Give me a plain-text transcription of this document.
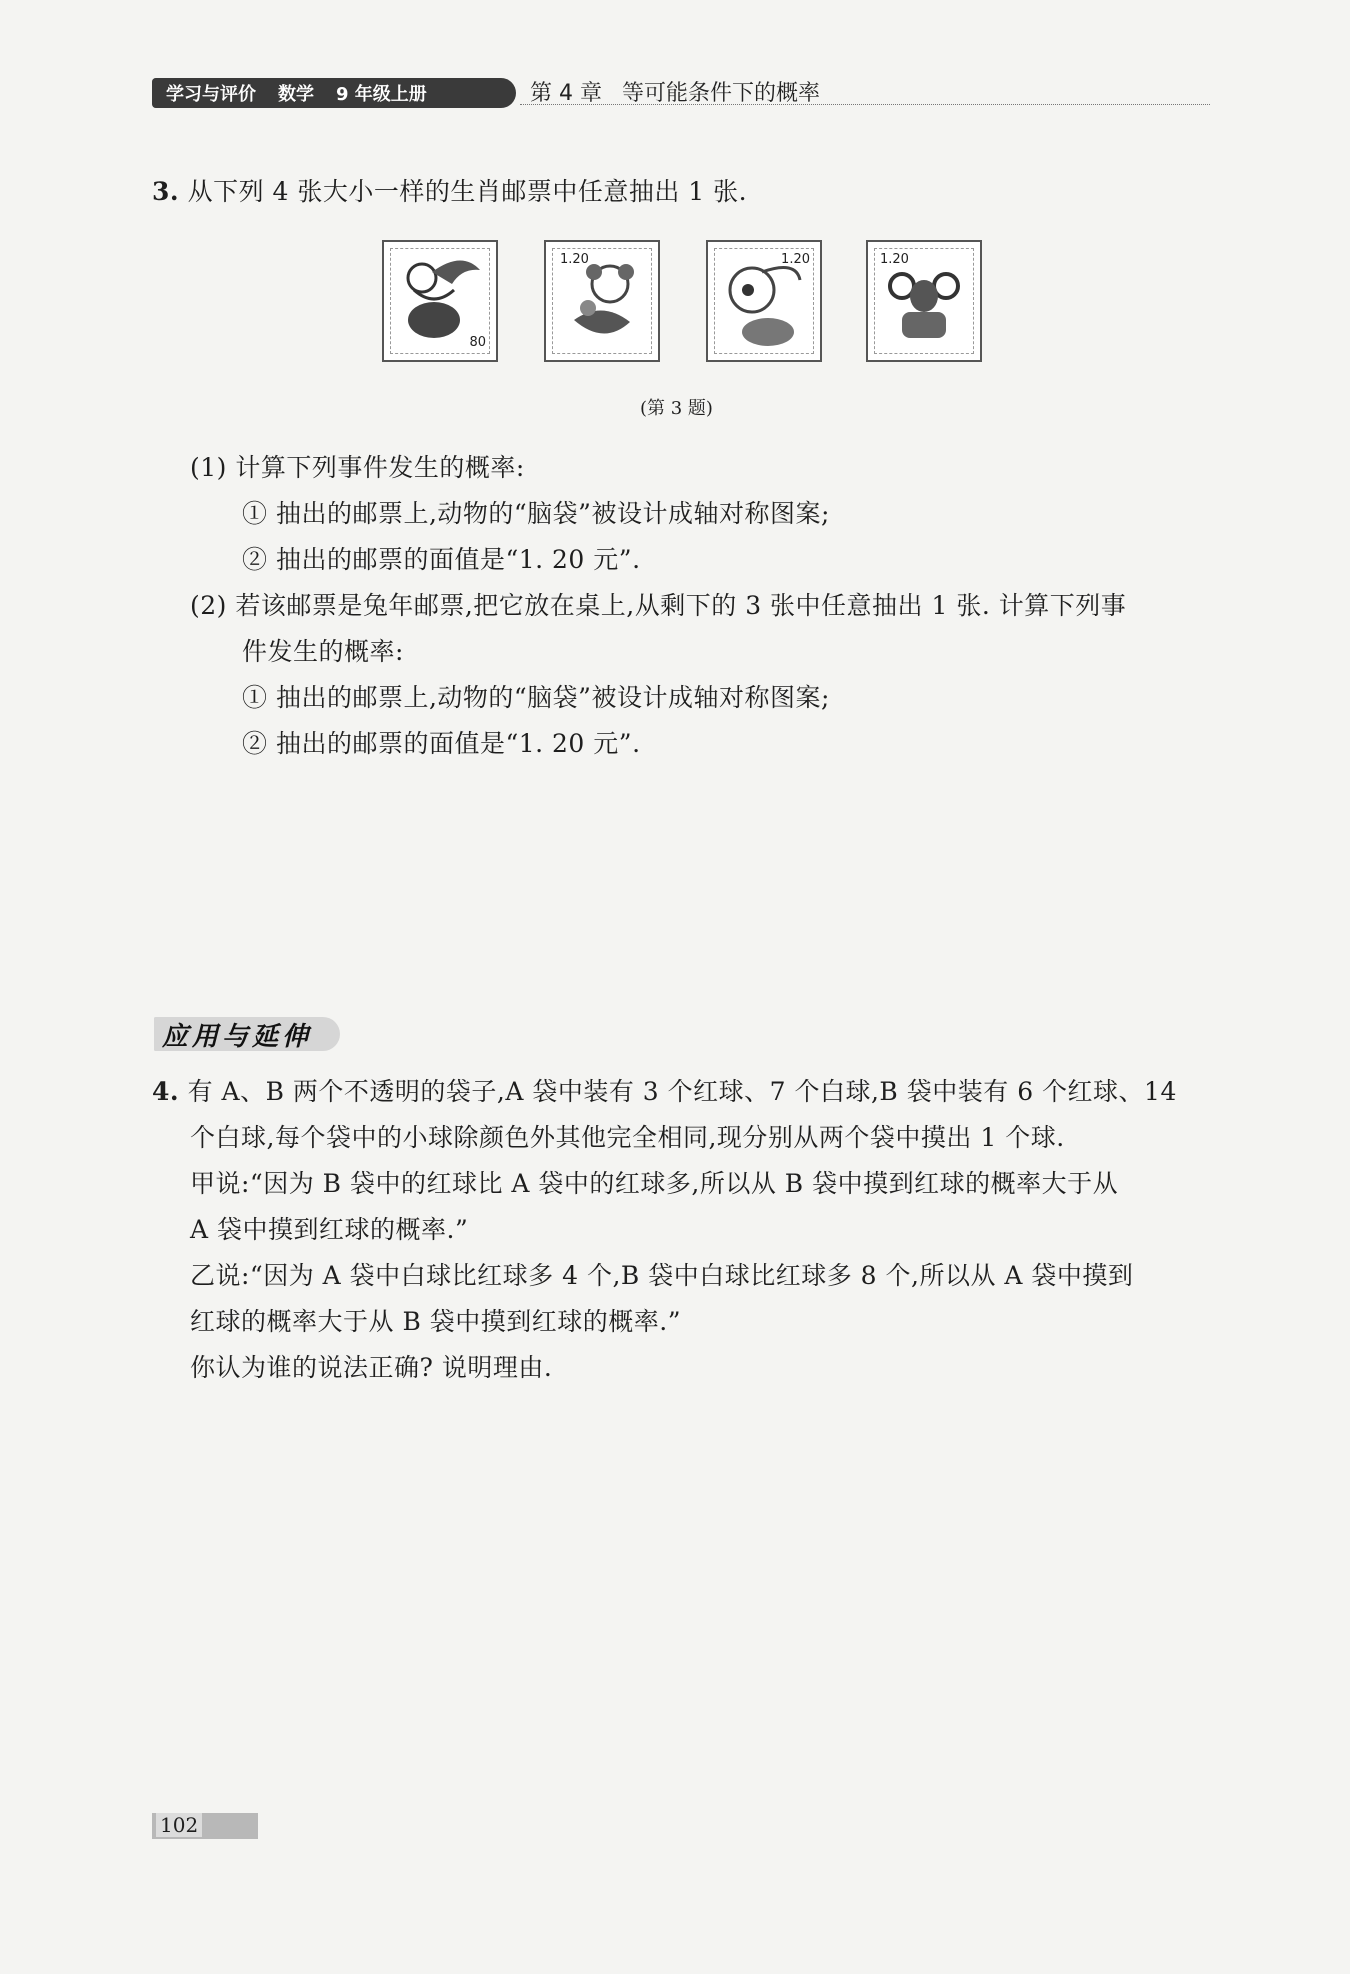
学习与评价 数学 9 年级上册	第 4 章 等可能条件下的概率
3. 从下列 4 张大小一样的生肖邮票中任意抽出 1 张.
80
1.20	1.20	1.20
(第 3 题)
(1) 计算下列事件发生的概率:
① 抽出的邮票上,动物的“脑袋”被设计成轴对称图案;
② 抽出的邮票的面值是“1. 20 元”.
(2) 若该邮票是兔年邮票,把它放在桌上,从剩下的 3 张中任意抽出 1 张. 计算下列事
件发生的概率:
① 抽出的邮票上,动物的“脑袋”被设计成轴对称图案;
② 抽出的邮票的面值是“1. 20 元”.
应用与延伸
4. 有 A、B 两个不透明的袋子,A 袋中装有 3 个红球、7 个白球,B 袋中装有 6 个红球、14
个白球,每个袋中的小球除颜色外其他完全相同,现分别从两个袋中摸出 1 个球.
甲说:“因为 B 袋中的红球比 A 袋中的红球多,所以从 B 袋中摸到红球的概率大于从
A 袋中摸到红球的概率.”
乙说:“因为 A 袋中白球比红球多 4 个,B 袋中白球比红球多 8 个,所以从 A 袋中摸到
红球的概率大于从 B 袋中摸到红球的概率.”
你认为谁的说法正确? 说明理由.
102
